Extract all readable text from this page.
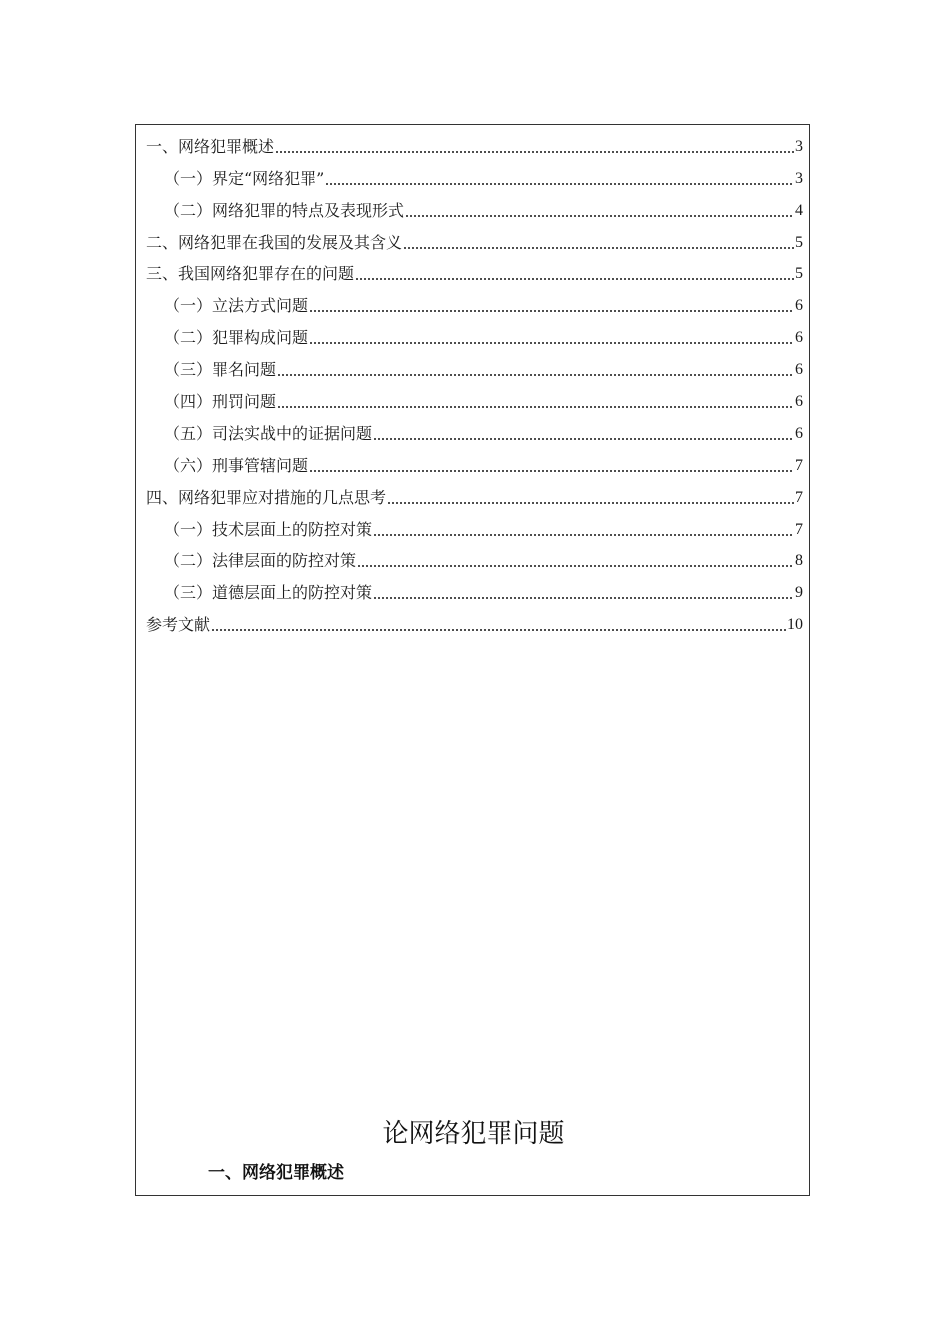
一、网络犯罪概述	3
（一）界定“网络犯罪”	3
（二）网络犯罪的特点及表现形式	4
二、网络犯罪在我国的发展及其含义	5
三、我国网络犯罪存在的问题	5
（一）立法方式问题	6
（二）犯罪构成问题	6
（三）罪名问题	6
（四）刑罚问题	6
（五）司法实战中的证据问题	6
（六）刑事管辖问题	7
四、网络犯罪应对措施的几点思考	7
（一）技术层面上的防控对策	7
（二）法律层面的防控对策	8
（三）道德层面上的防控对策	9
参考文献	10
论网络犯罪问题
一、网络犯罪概述
